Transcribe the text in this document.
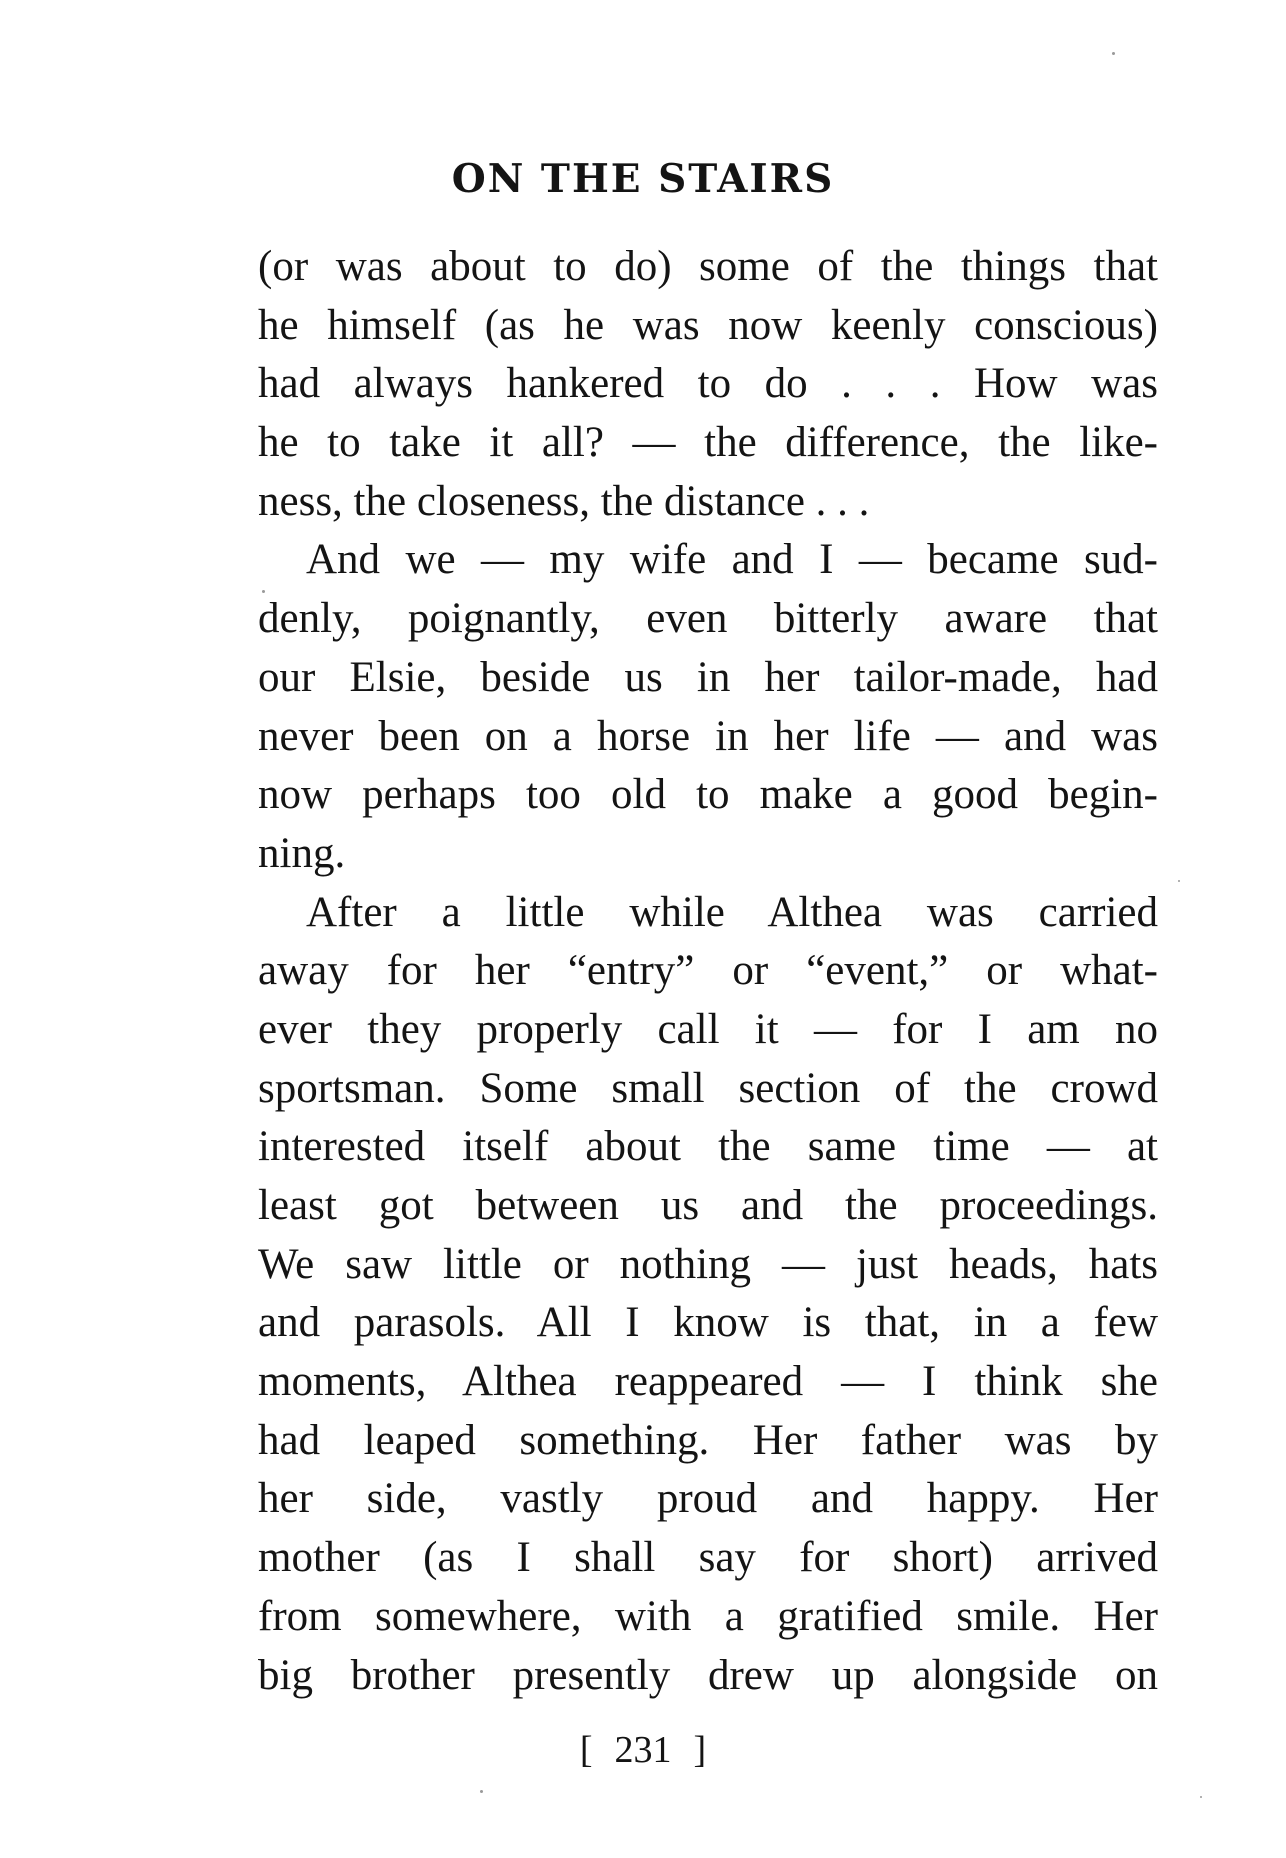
ON THE STAIRS
(or was about to do) some of the things that
he himself (as he was now keenly conscious)
had always hankered to do . . . How was
he to take it all? — the difference, the like-
ness, the closeness, the distance . . .
And we — my wife and I — became sud-
denly, poignantly, even bitterly aware that
our Elsie, beside us in her tailor-made, had
never been on a horse in her life — and was
now perhaps too old to make a good begin-
ning.
After a little while Althea was carried
away for her “entry” or “event,” or what-
ever they properly call it — for I am no
sportsman. Some small section of the crowd
interested itself about the same time — at
least got between us and the proceedings.
We saw little or nothing — just heads, hats
and parasols. All I know is that, in a few
moments, Althea reappeared — I think she
had leaped something. Her father was by
her side, vastly proud and happy. Her
mother (as I shall say for short) arrived
from somewhere, with a gratified smile. Her
big brother presently drew up alongside on
[ 231 ]
